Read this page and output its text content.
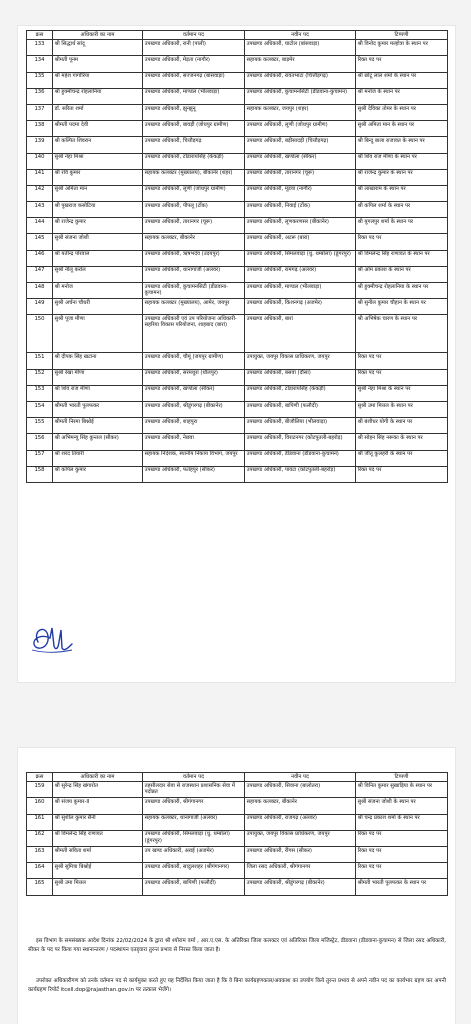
क्रस	अधिकारी का नाम	वर्तमान पद	नवीन पद	टिप्पणी
133	श्री सिद्धार्थ सांदू	उपखण्ड अधिकारी, रानी (पाली)	उपखण्ड अधिकारी, घाटोल (बांसवाड़ा)	श्री विनोद कुमार मल्होत्रा के स्थान पर
134	श्रीमती पूनम	उपखण्ड अधिकारी, मेड़ता (नागौर)	सहायक कलक्टर, बाड़मेर	रिक्त पद पर
135	श्री महेश गागोरिया	उपखण्ड अधिकारी, सज्जनगढ़ (बांसवाड़ा)	उपखण्ड अधिकारी, रावतभाटा (चित्तौड़गढ़)	श्री छोटू लाल शर्मा के स्थान पर
136	श्री हुक्मीचन्द्र रोहलानिया	उपखण्ड अधिकारी, माण्डल (भीलवाड़ा)	उपखण्ड अधिकारी, कुचामनसिटी (डीडवाना-कुचामन)	श्री मनोज के स्थान पर
137	डॉ. सरिता शर्मा	उपखण्ड अधिकारी, झुन्झुनू	सहायक कलक्टर, जयपुर (शहर)	सुश्री देविका तोमर के स्थान पर
138	श्रीमती पदमा देवी	उपखण्ड अधिकारी, बावड़ी (जोधपुर ग्रामीण)	उपखण्ड अधिकारी, लूणी (जोधपुर ग्रामीण)	सुश्री अमिता मान के स्थान पर
139	श्री कल्पित शिवरान	उपखण्ड अधिकारी, चित्तौड़गढ़	उपखण्ड अधिकारी, बड़ीसादड़ी (चित्तौड़गढ़)	श्री बिन्दु बाला राजावत के स्थान पर
140	सुश्री नेहा मिश्रा	उपखण्ड अधिकारी, टोडारायसिंह (केकड़ी)	उपखण्ड अधिकारी, खण्डेला (सीकर)	श्री शिव राज मीणा के स्थान पर
141	श्री रवि कुमार	सहायक कलक्टर (मुख्यालय), बीकानेर (शहर)	उपखण्ड अधिकारी, तारानगर (चूरू)	श्री राजेन्द्र कुमार के स्थान पर
142	सुश्री अमिता मान	उपखण्ड अधिकारी, लूणी (जोधपुर ग्रामीण)	उपखण्ड अधिकारी, मूंडवा (नागौर)	श्री लाखाराम के स्थान पर
143	श्री पुखराज कसोटिया	उपखण्ड अधिकारी, पीपलू (टोंक)	उपखण्ड अधिकारी, निवाई (टोंक)	श्री कपिल शर्मा के स्थान पर
144	श्री राजेन्द्र कुमार	उपखण्ड अधिकारी, तारानगर (चूरू)	उपखण्ड अधिकारी, लूणकरणसर (बीकानेर)	श्री युगलपुर शर्मा के स्थान पर
145	सुश्री संजना जोशी	सहायक कलक्टर, बीकानेर	उपखण्ड अधिकारी, अटरू (बारां)	रिक्त पद पर
146	श्री यतीन्द्र पोरवाल	उपखण्ड अधिकारी, ऋषभदेव (उदयपुर)	उपखण्ड अधिकारी, सिमलवाड़ा (धु. धम्बोला) (डूंगरपुर)	श्री विमलेन्द्र सिंह राणावत के स्थान पर
147	सुश्री नीलू करोल	उपखण्ड अधिकारी, थानागाजी (अलवर)	उपखण्ड अधिकारी, रामगढ़ (अलवर)	श्री ओम प्रकाश के स्थान पर
148	श्री मनोज	उपखण्ड अधिकारी, कुचामनसिटी (डीडवाना-कुचामन)	उपखण्ड अधिकारी, माण्डल (भीलवाड़ा)	श्री हुक्मीचन्द्र रोहलानिया के स्थान पर
149	सुश्री अर्चना चौधरी	सहायक कलक्टर (मुख्यालय), आमेर, जयपुर	उपखण्ड अधिकारी, किशनगढ़ (अजमेर)	श्री सुनील कुमार चौहान के स्थान पर
150	सुश्री पूजा मीणा	उपखण्ड अधिकारी एवं उप परियोजना अधिकारी-सहरिया विकास परियोजना, शाहबाद (बारां)	उपखण्ड अधिकारी, बारां	श्री अभिषेक चारण के स्थान पर
151	श्री दीपक सिंह खटाना	उपखण्ड अधिकारी, चौमूं (जयपुर ग्रामीण)	उपायुक्त, जयपुर विकास प्राधिकरण, जयपुर	रिक्त पद पर
152	सुश्री रेखा मीणा	उपखण्ड अधिकारी, सरमथुरा (धौलपुर)	उपखण्ड अधिकारी, बसवा (दौसा)	रिक्त पद पर
153	श्री शिव राज मीणा	उपखण्ड अधिकारी, खण्डेला (सीकर)	उपखण्ड अधिकारी, टोडारायसिंह (केकड़ी)	सुश्री नेहा मिश्रा के स्थान पर
154	श्रीमती भारती पुलफकर	उपखण्ड अधिकारी, श्रीडूंगरगढ़ (बीकानेर)	उपखण्ड अधिकारी, बापिणी (फलौदी)	सुश्री उमा मित्तल के स्थान पर
155	श्रीमती निरमा बिश्नोई	उपखण्ड अधिकारी, शाहपुरा	उपखण्ड अधिकारी, बीजौलिया (भीलवाड़ा)	श्री बंशीधर योगी के स्थान पर
156	श्री अभिमन्यु सिंह कुन्तल (सीकर)	उपखण्ड अधिकारी, नेछवा	उपखण्ड अधिकारी, विराटनगर (कोटपुतली-बहरोड़)	श्री सोहन सिंह नरूका के स्थान पर
157	श्री शरद तिवारी	सहायक निदेशक, स्थानीय निकाय विभाग, जयपुर	उपखण्ड अधिकारी, डीडवाना (डीडवाना-कुचामन)	श्री जीतू कुलहरी के स्थान पर
158	श्री कपिल कुमार	उपखण्ड अधिकारी, फतेहपुर (सीकर)	उपखण्ड अधिकारी, पावटा (कोटपुतली-बहरोड़)	रिक्त पद पर
क्रस	अधिकारी का नाम	वर्तमान पद	नवीन पद	टिप्पणी
159	श्री सुरेन्द्र सिंह खंगारोत	तहसीलदार सेवा से राजस्थान प्रशासनिक सेवा में पदोन्नत	उपखण्ड अधिकारी, सिवाना (बालोतरा)	श्री विनित कुमार सुखाड़िया के स्थान पर
160	श्री संजय कुमार-II	उपखण्ड अधिकारी, श्रीगंगानगर	सहायक कलक्टर, बीकानेर	सुश्री संजना जोशी के स्थान पर
161	श्री सुशील कुमार सैनी	सहायक कलक्टर, थानागाजी (अलवर)	उपखण्ड अधिकारी, राजगढ़ (अलवर)	श्री चन्द्र प्रकाश शर्मा के स्थान पर
162	श्री विमलेन्द्र सिंह राणावत	उपखण्ड अधिकारी, सिमलवाड़ा (धु. धम्बोला) (डूंगरपुर)	उपायुक्त, जयपुर विकास प्राधिकरण, जयपुर	रिक्त पद पर
163	श्रीमती सविता शर्मा	उप खण्ड अधिकारी, अराई (अजमेर)	उपखण्ड अधिकारी, रींगस (सीकर)	रिक्त पद पर
164	सुश्री सुमित्रा बिश्नोई	उपखण्ड अधिकारी, सादुलशहर (श्रीगंगानगर)	जिला रसद अधिकारी, श्रीगंगानगर	रिक्त पद पर
165	सुश्री उमा मित्तल	उपखण्ड अधिकारी, बापिणी (फलौदी)	उपखण्ड अधिकारी, श्रीडूंगरगढ़ (बीकानेर)	श्रीमती भारती पुलफकर के स्थान पर

इस विभाग के समसंख्यक आदेश दिनांक 22/02/2024 के द्वारा श्री श्योराम वर्मा , आर.ए.एस. के अतिरिक्त जिला कलक्टर एवं अतिरिक्त जिला मजिस्ट्रेट, डीडवाना (डीडवाना-कुचामन) से जिला रसद अधिकारी, सीकर के पद पर किया गया स्थानान्तरण / पदस्थापन एतद्द्वारा तुरन्त प्रभाव से निरस्त किया जाता है।

उपरोक्त अधिकारीगण को उनके वर्तमान पद से कार्यमुक्त करते हुए यह निर्देशित किया जाता है कि वे बिना कार्यग्रहणकाल/अवकाश का उपयोग किये तुरन्त प्रभाव से अपने नवीन पद का कार्यभार ग्रहण कर अपनी कार्यग्रहण रिपोर्ट itcell.dop@rajasthan.gov.in पर तत्काल भेजेंगे।
